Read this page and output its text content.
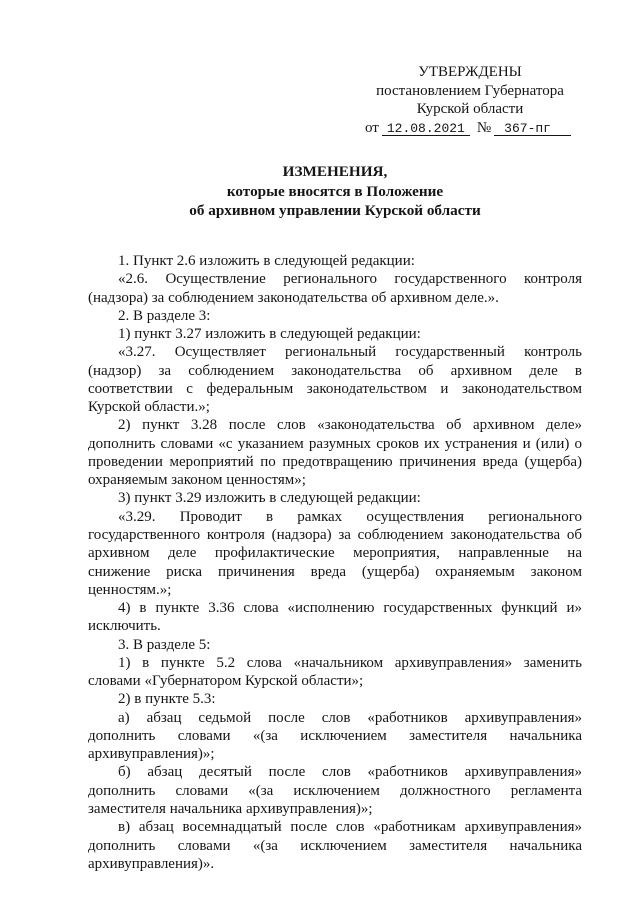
УТВЕРЖДЕНЫ
постановлением Губернатора
Курской области
от 12.08.2021 №	367-пг
ИЗМЕНЕНИЯ,
которые вносятся в Положение
об архивном управлении Курской области
1. Пункт 2.6 изложить в следующей редакции:
«2.6. Осуществление регионального государственного контроля
(надзора) за соблюдением законодательства об архивном деле.».
2. В разделе 3:
1) пункт 3.27 изложить в следующей редакции:
«3.27. Осуществляет региональный государственный контроль
(надзор) за соблюдением законодательства об архивном деле в
соответствии с федеральным законодательством и законодательством
Курской области.»;
2) пункт 3.28 после слов «законодательства об архивном деле»
дополнить словами «с указанием разумных сроков их устранения и (или) о
проведении мероприятий по предотвращению причинения вреда (ущерба)
охраняемым законом ценностям»;
3) пункт 3.29 изложить в следующей редакции:
«3.29. Проводит в рамках осуществления регионального
государственного контроля (надзора) за соблюдением законодательства об
архивном деле профилактические мероприятия, направленные на
снижение риска причинения вреда (ущерба) охраняемым законом
ценностям.»;
4) в пункте 3.36 слова «исполнению государственных функций и»
исключить.
3. В разделе 5:
1) в пункте 5.2 слова «начальником архивуправления» заменить
словами «Губернатором Курской области»;
2) в пункте 5.3:
а) абзац седьмой после слов «работников архивуправления»
дополнить словами «(за исключением заместителя начальника
архивуправления)»;
б) абзац десятый после слов «работников архивуправления»
дополнить словами «(за исключением должностного регламента
заместителя начальника архивуправления)»;
в) абзац восемнадцатый после слов «работникам архивуправления»
дополнить словами «(за исключением заместителя начальника
архивуправления)».
